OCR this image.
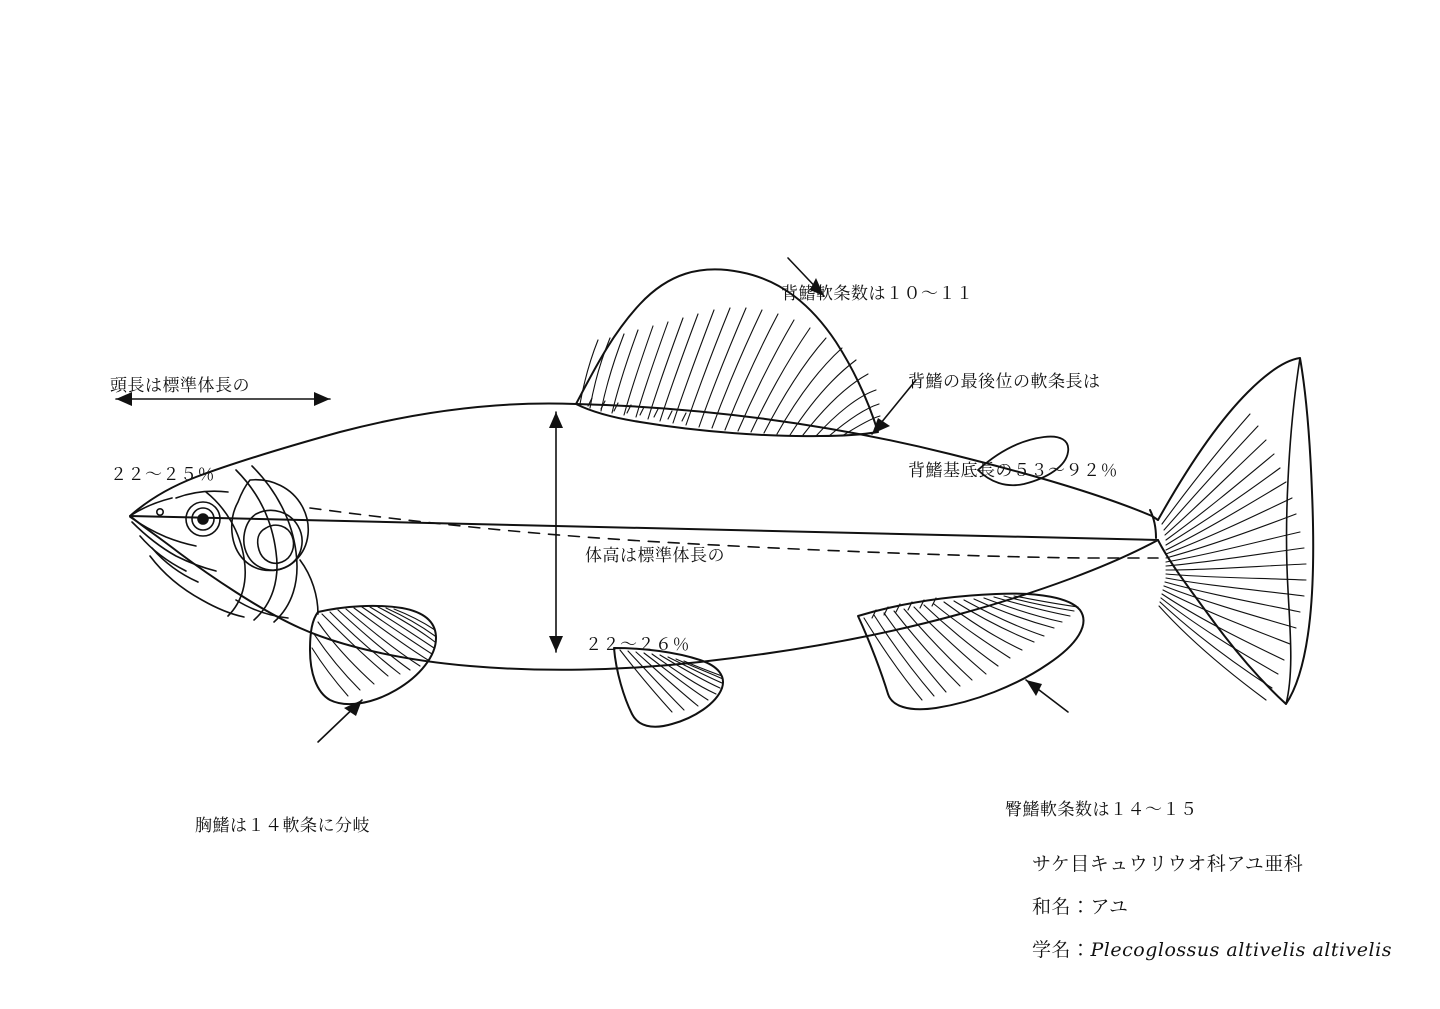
頭長は標準体長の

２２〜２５％

背鰭軟条数は１０〜１１

背鰭の最後位の軟条長は

背鰭基底長の５３〜９２％

体高は標準体長の

２２〜２６％

胸鰭は１４軟条に分岐

臀鰭軟条数は１４〜１５

サケ目キュウリウオ科アユ亜科
和名：アユ
学名：Plecoglossus altivelis altivelis
